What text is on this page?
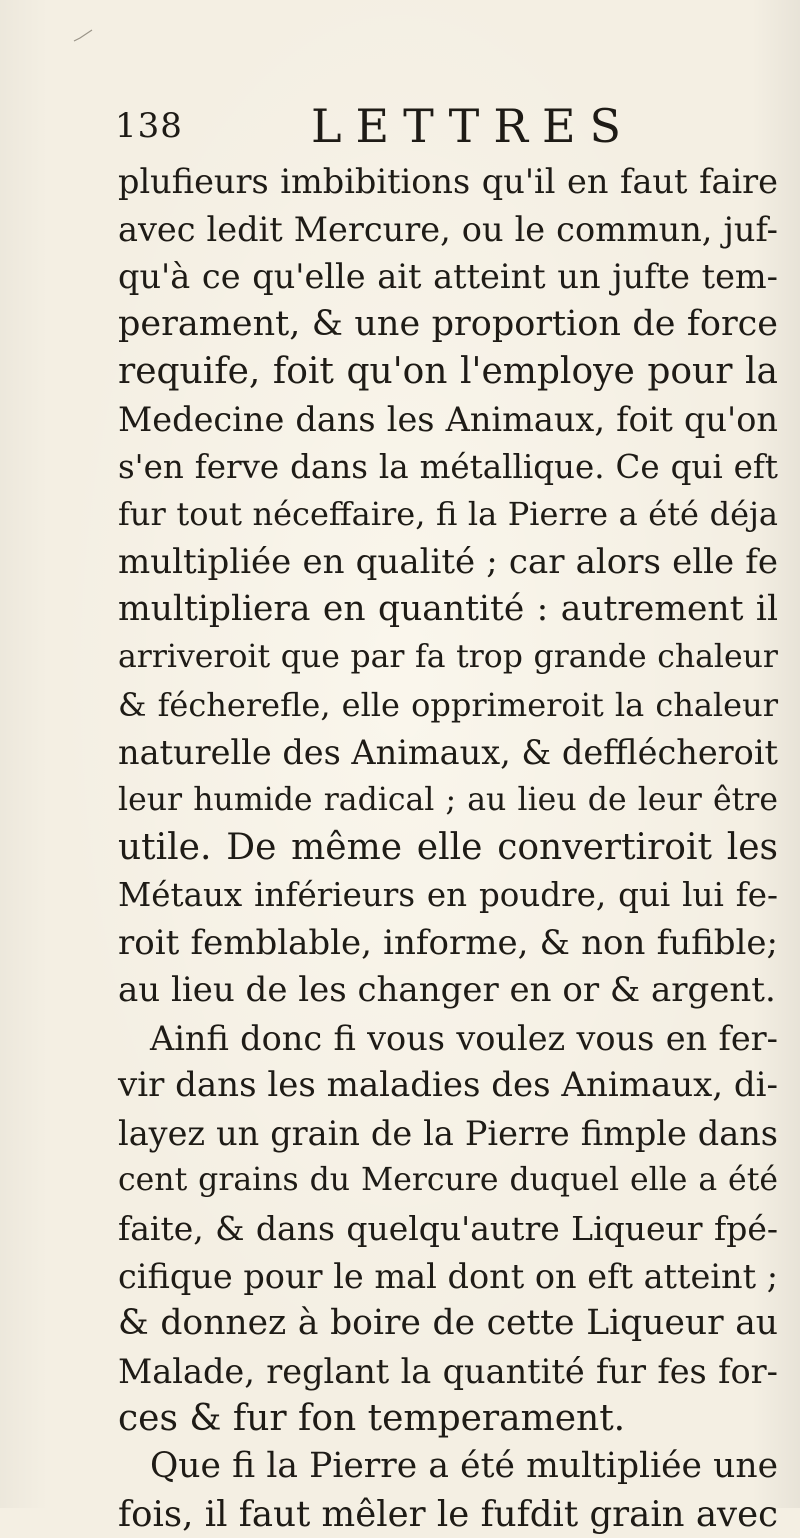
138	LETTRES
plufieurs imbibitions qu'il en faut faire
avec ledit Mercure, ou le commun, juf-
qu'à ce qu'elle ait atteint un jufte tem-
perament, & une proportion de force
requife, foit qu'on l'employe pour la
Medecine dans les Animaux, foit qu'on
s'en ferve dans la métallique. Ce qui eft
fur tout néceffaire, fi la Pierre a été déja
multipliée en qualité ; car alors elle fe
multipliera en quantité : autrement il
arriveroit que par fa trop grande chaleur
& fécherefle, elle opprimeroit la chaleur
naturelle des Animaux, & defflécheroit
leur humide radical ; au lieu de leur être
utile. De même elle convertiroit les
Métaux inférieurs en poudre, qui lui fe-
roit femblable, informe, & non fufible;
au lieu de les changer en or & argent.
Ainfi donc fi vous voulez vous en fer-
vir dans les maladies des Animaux, di-
layez un grain de la Pierre fimple dans
cent grains du Mercure duquel elle a été
faite, & dans quelqu'autre Liqueur fpé-
cifique pour le mal dont on eft atteint ;
& donnez à boire de cette Liqueur au
Malade, reglant la quantité fur fes for-
ces & fur fon temperament.
Que fi la Pierre a été multipliée une
fois, il faut mêler le fufdit grain avec
